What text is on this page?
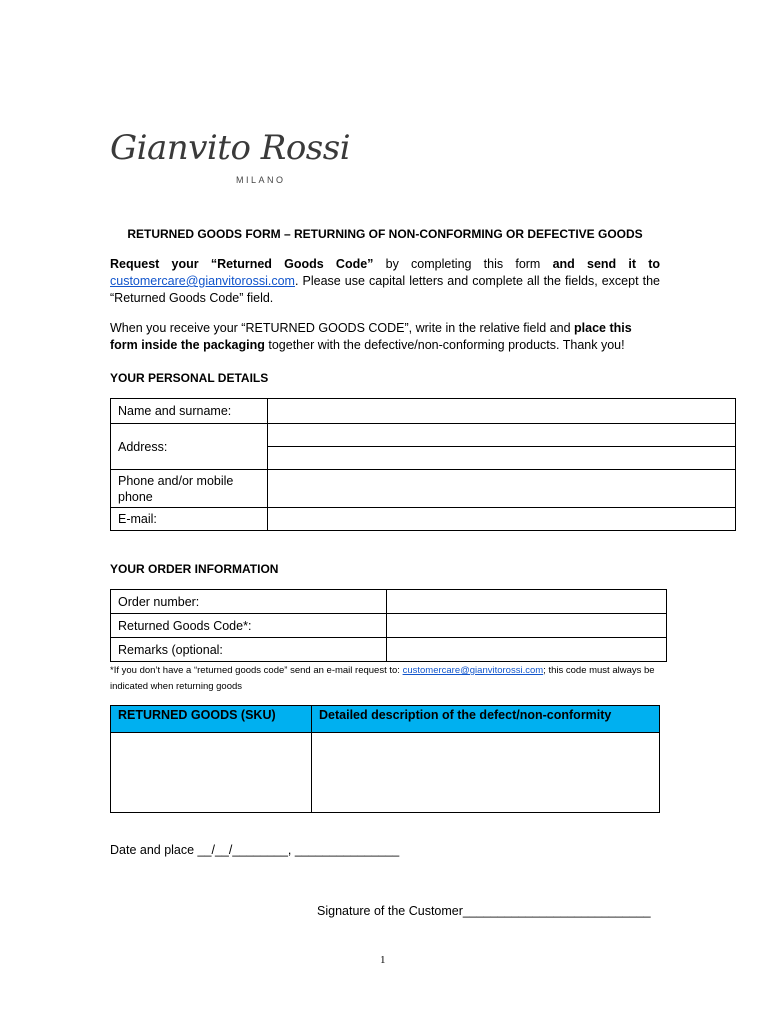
Gianvito Rossi
MILANO
RETURNED GOODS FORM – RETURNING OF NON-CONFORMING OR DEFECTIVE GOODS
Request your “Returned Goods Code” by completing this form and send it to customercare@gianvitorossi.com. Please use capital letters and complete all the fields, except the “Returned Goods Code” field.
When you receive your “RETURNED GOODS CODE”, write in the relative field and place this form inside the packaging together with the defective/non-conforming products. Thank you!
YOUR PERSONAL DETAILS
Name and surname:	
Address:	

Phone and/or mobile phone	
E-mail:	
YOUR ORDER INFORMATION
Order number:	
Returned Goods Code*:	
Remarks (optional:	
*If you don’t have a “returned goods code” send an e-mail request to: customercare@gianvitorossi.com; this code must always be indicated when returning goods
RETURNED GOODS (SKU)	Detailed description of the defect/non-conformity

Date and place __/__/________, _______________
Signature of the Customer___________________________
1
